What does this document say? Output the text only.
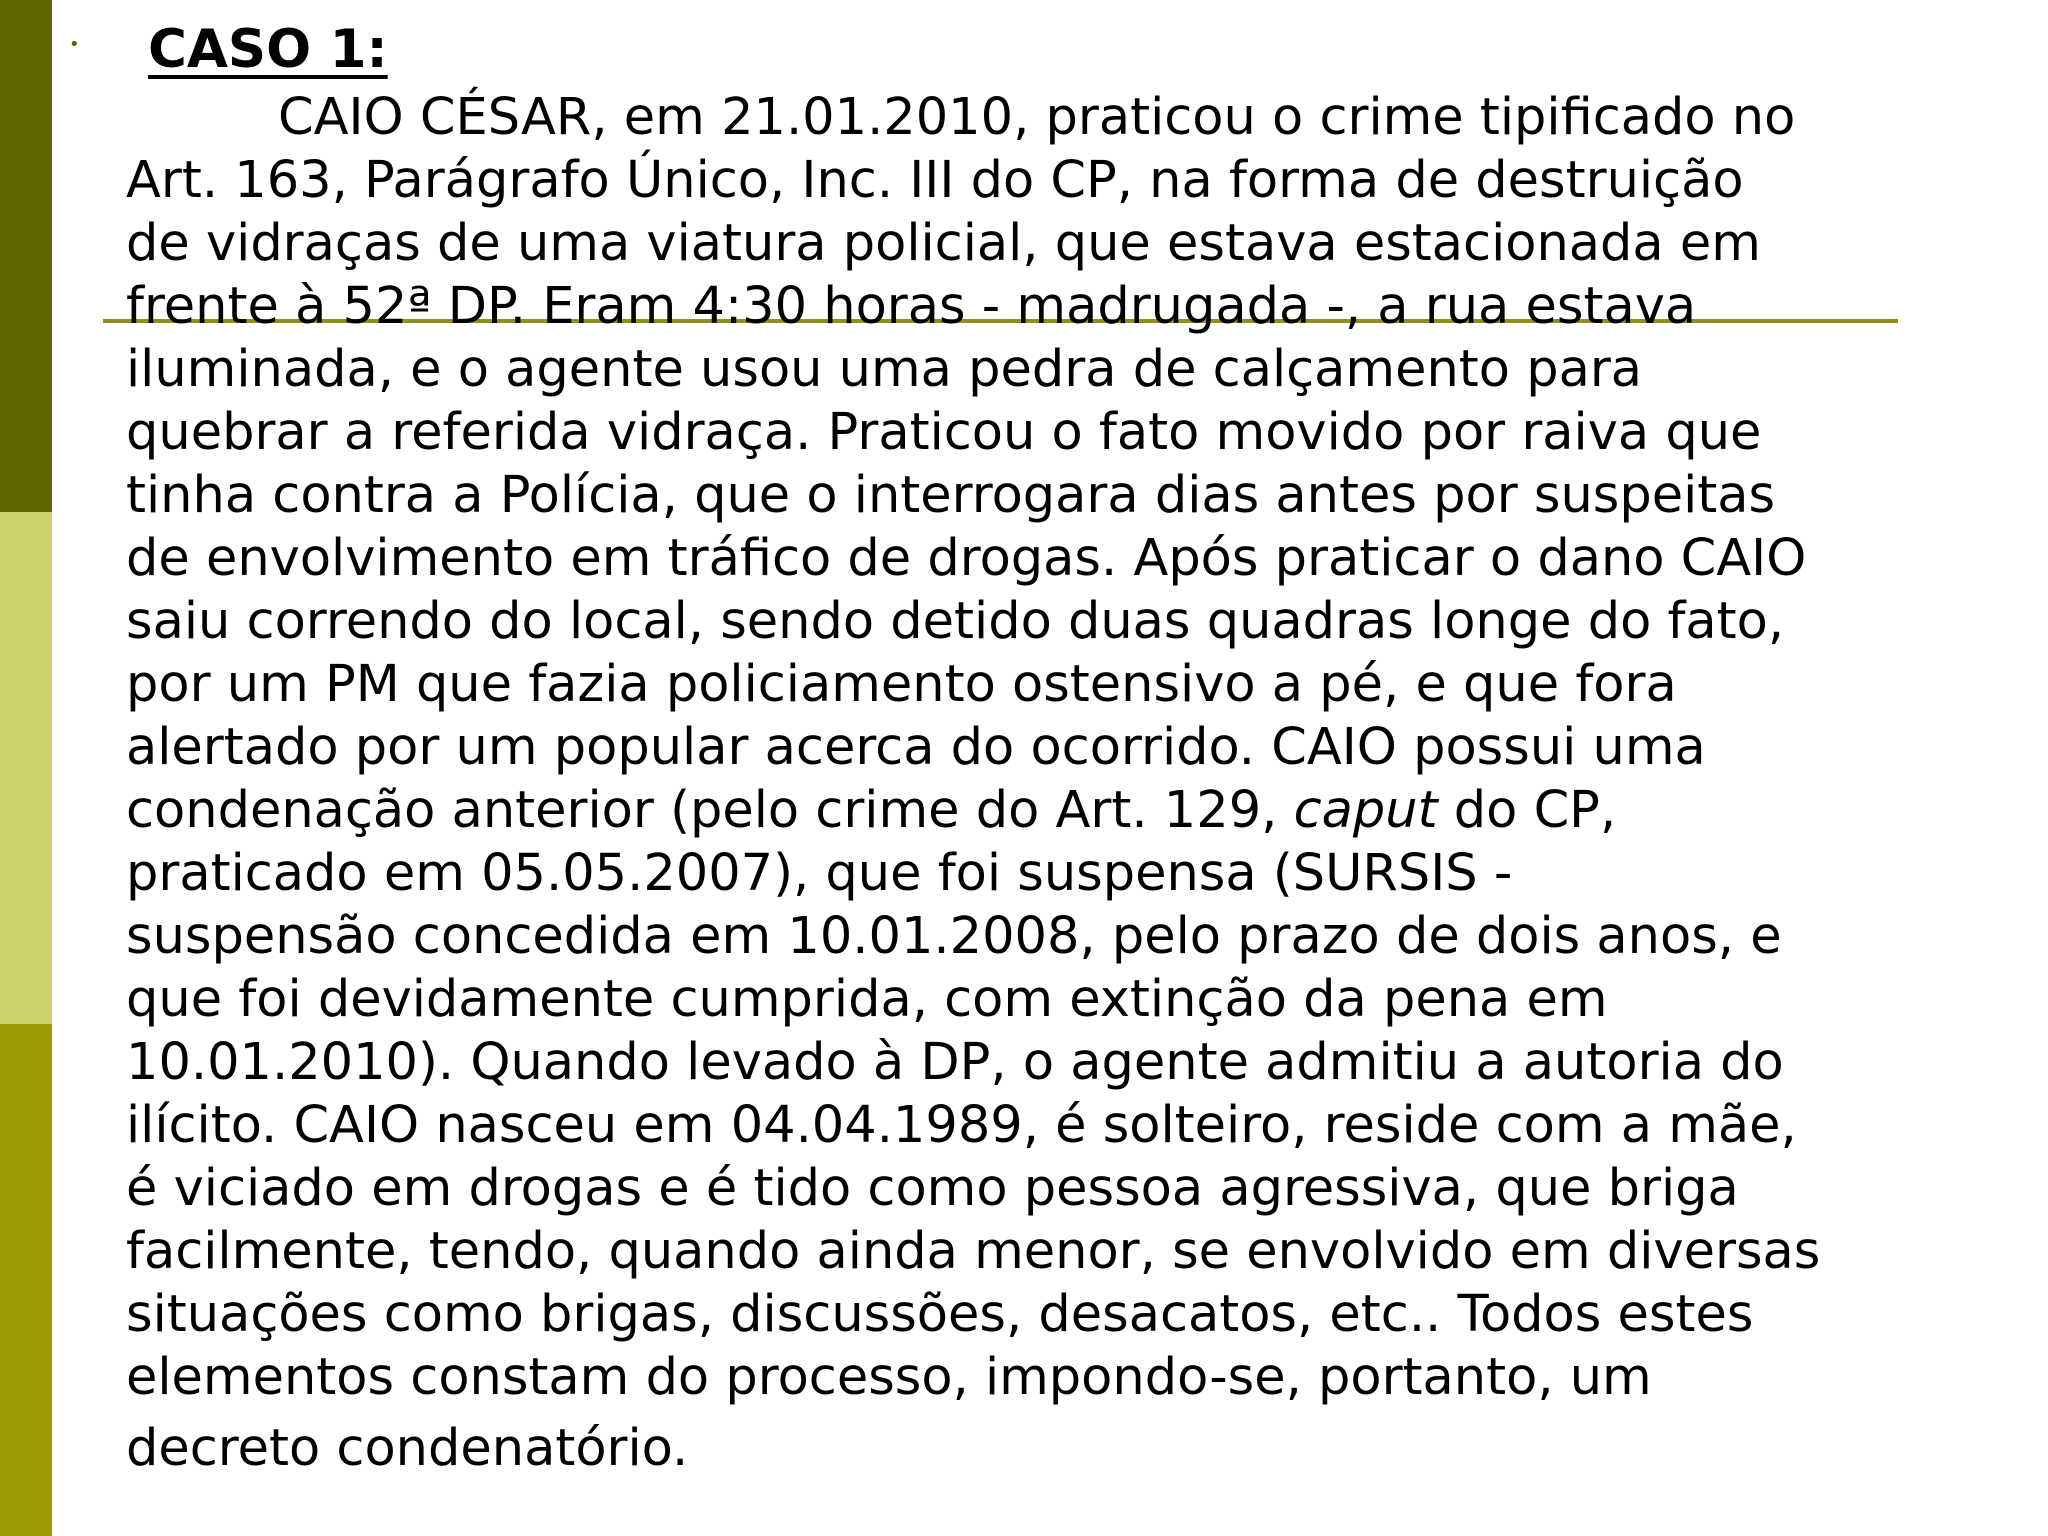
• CASO 1:
CAIO CÉSAR, em 21.01.2010, praticou o crime tipificado no
Art. 163, Parágrafo Único, Inc. III do CP, na forma de destruição
de vidraças de uma viatura policial, que estava estacionada em
frente à 52ª DP. Eram 4:30 horas - madrugada -, a rua estava
iluminada, e o agente usou uma pedra de calçamento para
quebrar a referida vidraça. Praticou o fato movido por raiva que
tinha contra a Polícia, que o interrogara dias antes por suspeitas
de envolvimento em tráfico de drogas. Após praticar o dano CAIO
saiu correndo do local, sendo detido duas quadras longe do fato,
por um PM que fazia policiamento ostensivo a pé, e que fora
alertado por um popular acerca do ocorrido. CAIO possui uma
condenação anterior (pelo crime do Art. 129, caput do CP,
praticado em 05.05.2007), que foi suspensa (SURSIS -
suspensão concedida em 10.01.2008, pelo prazo de dois anos, e
que foi devidamente cumprida, com extinção da pena em
10.01.2010). Quando levado à DP, o agente admitiu a autoria do
ilícito. CAIO nasceu em 04.04.1989, é solteiro, reside com a mãe,
é viciado em drogas e é tido como pessoa agressiva, que briga
facilmente, tendo, quando ainda menor, se envolvido em diversas
situações como brigas, discussões, desacatos, etc.. Todos estes
elementos constam do processo, impondo-se, portanto, um
decreto condenatório.
